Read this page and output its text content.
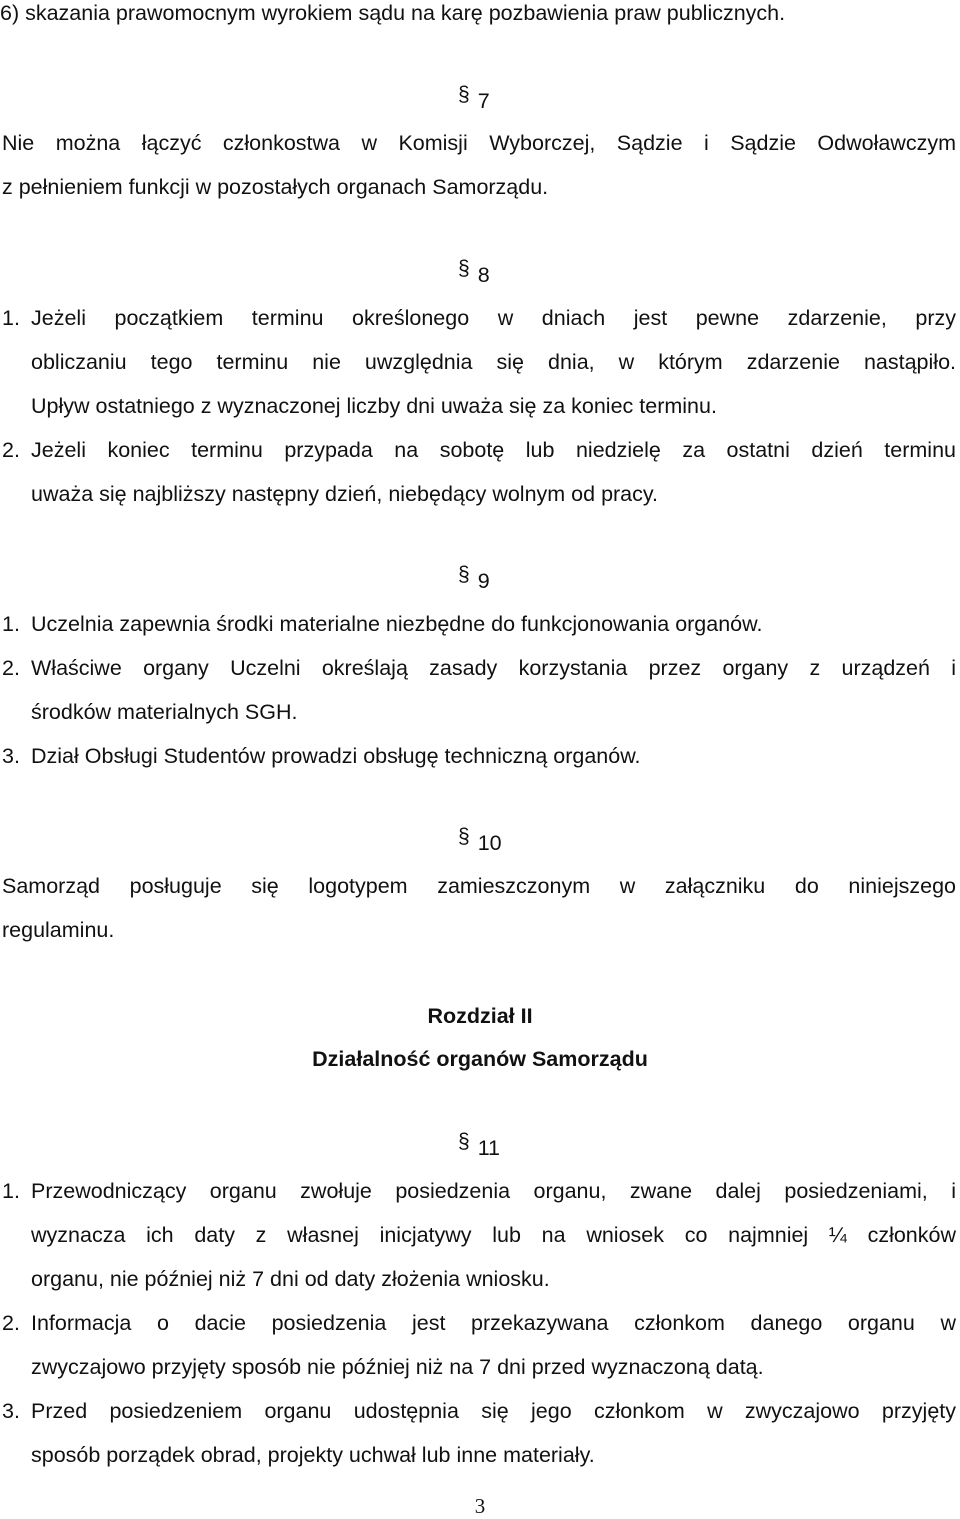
6) skazania prawomocnym wyrokiem sądu na karę pozbawienia praw publicznych.

§ 7

Nie można łączyć członkostwa w Komisji Wyborczej, Sądzie i Sądzie Odwoławczym

z pełnieniem funkcji w pozostałych organach Samorządu.

§ 8
1. Jeżeli początkiem terminu określonego w dniach jest pewne zdarzenie, przy

obliczaniu tego terminu nie uwzględnia się dnia, w którym zdarzenie nastąpiło.

Upływ ostatniego z wyznaczonej liczby dni uważa się za koniec terminu.

2. Jeżeli koniec terminu przypada na sobotę lub niedzielę za ostatni dzień terminu

uważa się najbliższy następny dzień, niebędący wolnym od pracy.

§ 9
1. Uczelnia zapewnia środki materialne niezbędne do funkcjonowania organów.

2. Właściwe organy Uczelni określają zasady korzystania przez organy z urządzeń i

środków materialnych SGH.

3. Dział Obsługi Studentów prowadzi obsługę techniczną organów.

§ 10

Samorząd posługuje się logotypem zamieszczonym w załączniku do niniejszego

regulaminu.

Rozdział II
Działalność organów Samorządu
§ 11
1. Przewodniczący organu zwołuje posiedzenia organu, zwane dalej posiedzeniami, i

wyznacza ich daty z własnej inicjatywy lub na wniosek co najmniej ¼ członków

organu, nie później niż 7 dni od daty złożenia wniosku.

2. Informacja o dacie posiedzenia jest przekazywana członkom danego organu w

zwyczajowo przyjęty sposób nie później niż na 7 dni przed wyznaczoną datą.

3. Przed posiedzeniem organu udostępnia się jego członkom w zwyczajowo przyjęty

sposób porządek obrad, projekty uchwał lub inne materiały.

3
